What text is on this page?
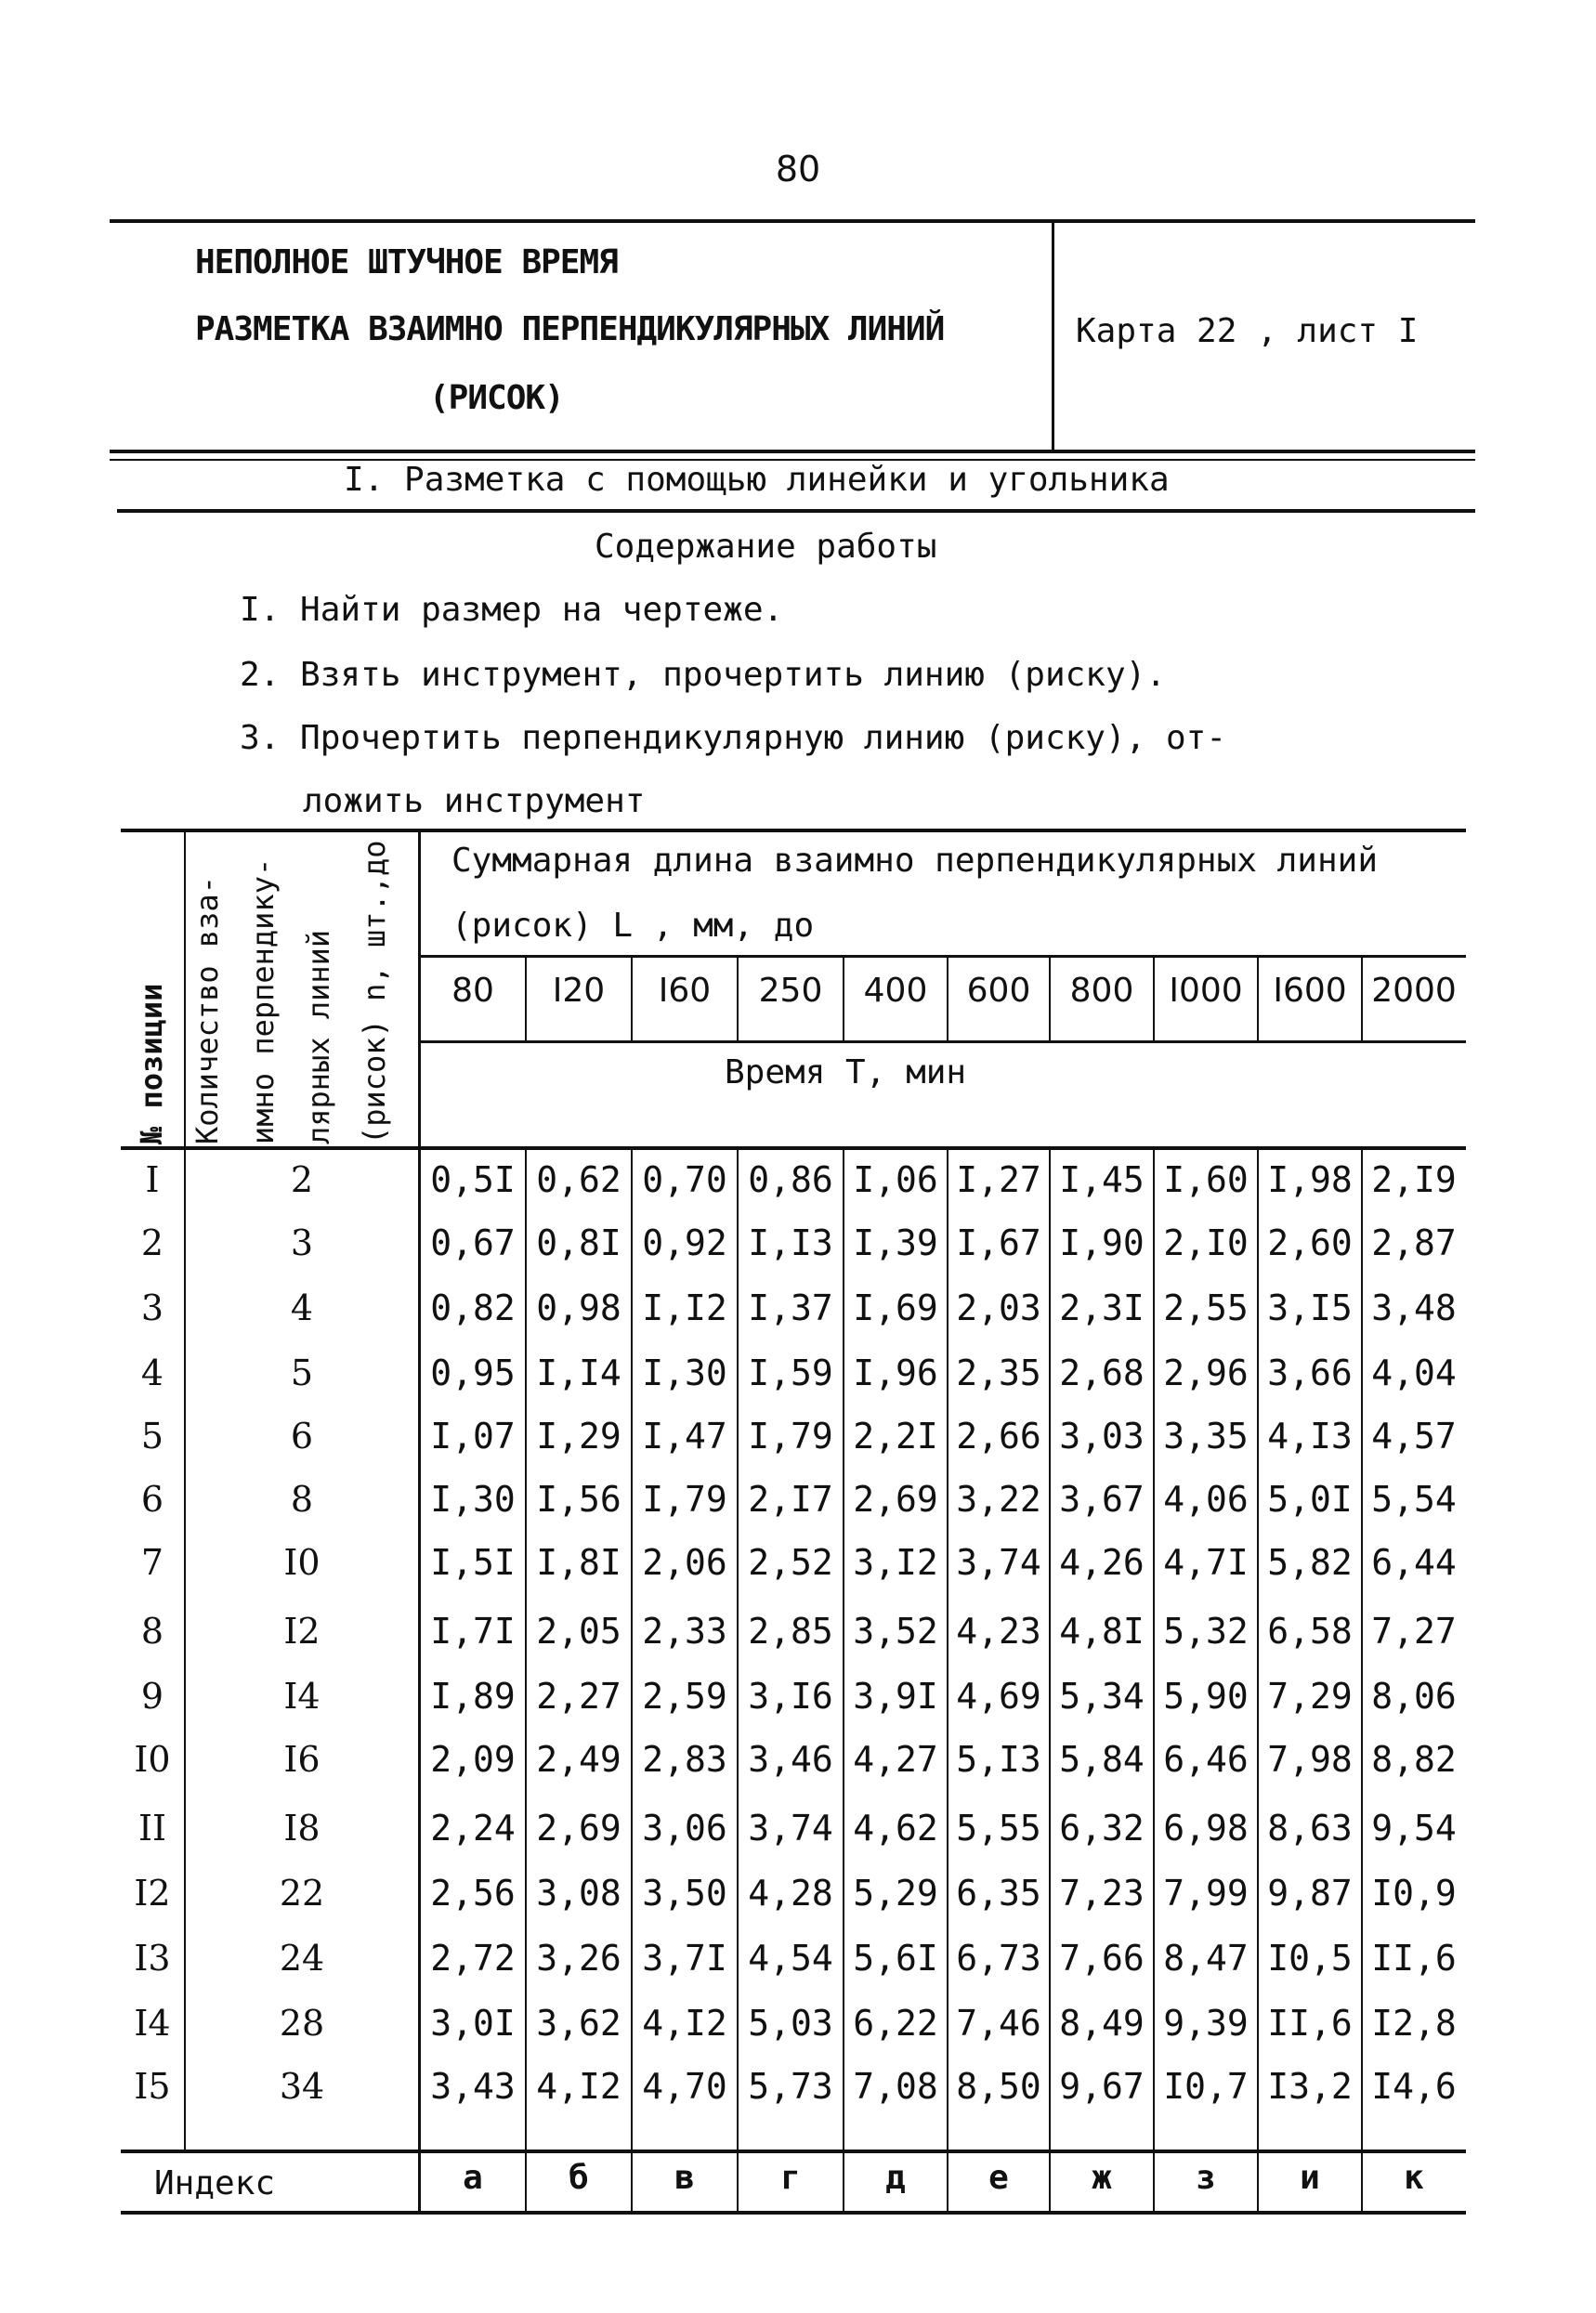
80
НЕПОЛНОЕ ШТУЧНОЕ ВРЕМЯ
РАЗМЕТКА ВЗАИМНО ПЕРПЕНДИКУЛЯРНЫХ ЛИНИЙ
(РИСОК)
Карта 22 , лист I
I. Разметка с помощью линейки и угольника
Содержание работы
I. Найти размер на чертеже.
2. Взять инструмент, прочертить линию (риску).
3. Прочертить перпендикулярную линию (риску), от-
ложить инструмент
№ позиции Количество вза- имно перпендику- лярных линий (рисок) n, шт.,до Суммарная длина взаимно перпендикулярных линий
(рисок) L , мм, до
Время Т, мин
80	I20	I60	250	400	600	800	I000 I600 2000
I	2	0,5I 0,62 0,70 0,86 I,06 I,27 I,45 I,60 I,98 2,I9
2	3	0,67 0,8I 0,92 I,I3 I,39 I,67 I,90 2,I0 2,60 2,87
3	4	0,82 0,98 I,I2 I,37 I,69 2,03 2,3I 2,55 3,I5 3,48
4	5	0,95 I,I4 I,30 I,59 I,96 2,35 2,68 2,96 3,66 4,04
5	6	I,07 I,29 I,47 I,79 2,2I 2,66 3,03 3,35 4,I3 4,57
6	8	I,30 I,56 I,79 2,I7 2,69 3,22 3,67 4,06 5,0I 5,54
7	I0	I,5I I,8I 2,06 2,52 3,I2 3,74 4,26 4,7I 5,82 6,44
8	I2	I,7I 2,05 2,33 2,85 3,52 4,23 4,8I 5,32 6,58 7,27
9	I4	I,89 2,27 2,59 3,I6 3,9I 4,69 5,34 5,90 7,29 8,06
I0	I6	2,09 2,49 2,83 3,46 4,27 5,I3 5,84 6,46 7,98 8,82
II	I8	2,24 2,69 3,06 3,74 4,62 5,55 6,32 6,98 8,63 9,54
I2	22	2,56 3,08 3,50 4,28 5,29 6,35 7,23 7,99 9,87 I0,9
I3	24	2,72 3,26 3,7I 4,54 5,6I 6,73 7,66 8,47 I0,5 II,6
I4	28	3,0I 3,62 4,I2 5,03 6,22 7,46 8,49 9,39 II,6 I2,8
I5	34	3,43 4,I2 4,70 5,73 7,08 8,50 9,67 I0,7 I3,2 I4,6
Индекс	а	б	в	г	д	е	ж	з	и	к
